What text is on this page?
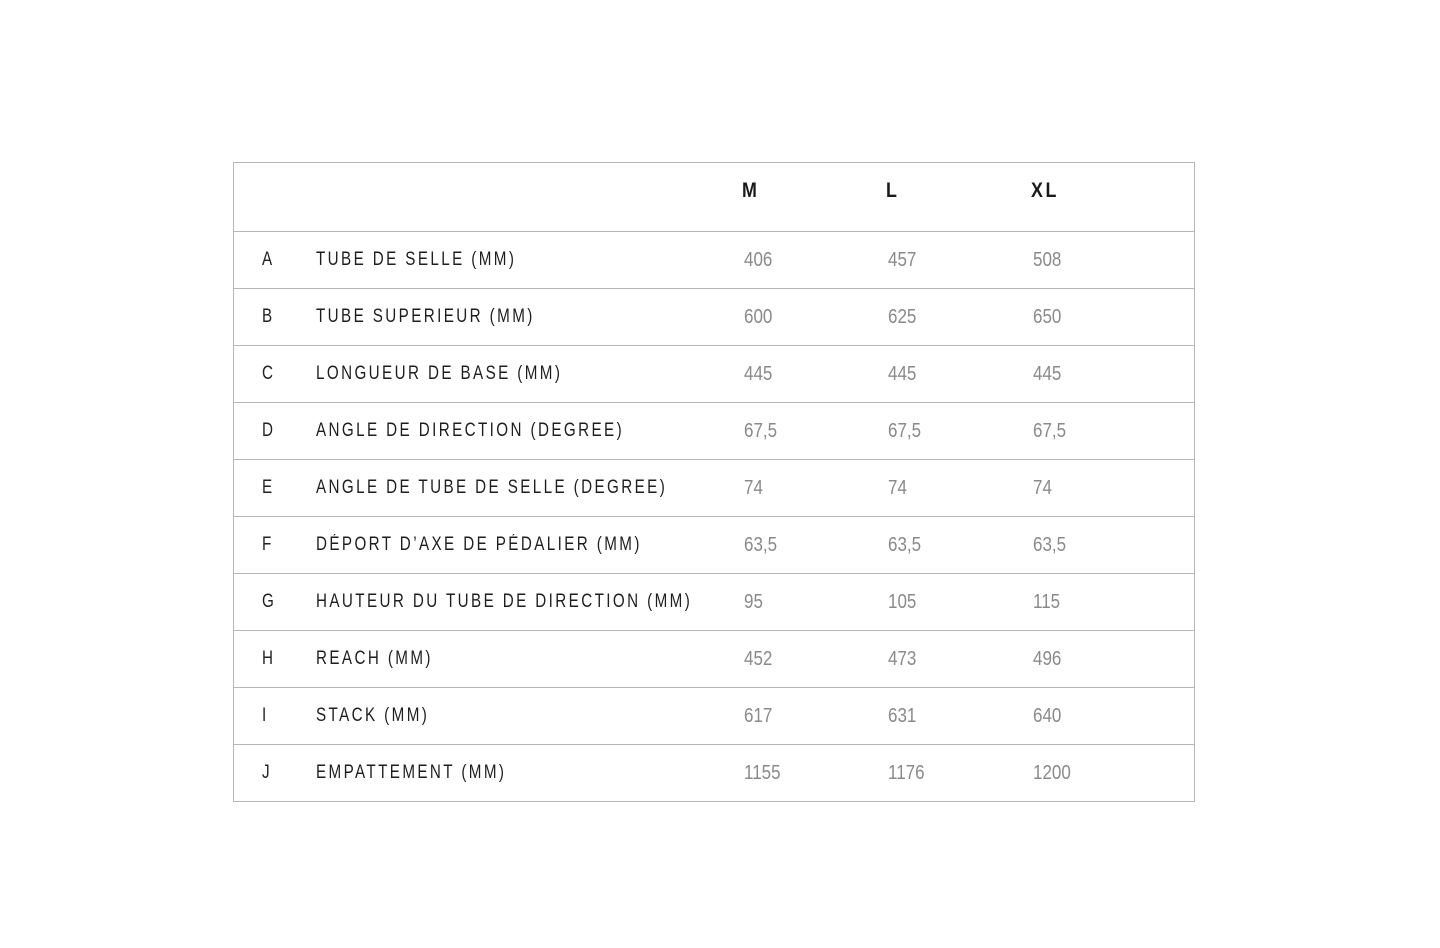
M	L	XL
A TUBE DE SELLE (MM)	406	457	508
B TUBE SUPERIEUR (MM)	600	625	650
C LONGUEUR DE BASE (MM)	445	445	445
D ANGLE DE DIRECTION (DEGREE)	67,5	67,5	67,5
E ANGLE DE TUBE DE SELLE (DEGREE)	74	74	74
F DÉPORT D’AXE DE PÉDALIER (MM)	63,5	63,5	63,5
G HAUTEUR DU TUBE DE DIRECTION (MM)	95	105	115
H REACH (MM)	452	473	496
I	STACK (MM)	617	631	640
J EMPATTEMENT (MM)	1155	1176	1200
